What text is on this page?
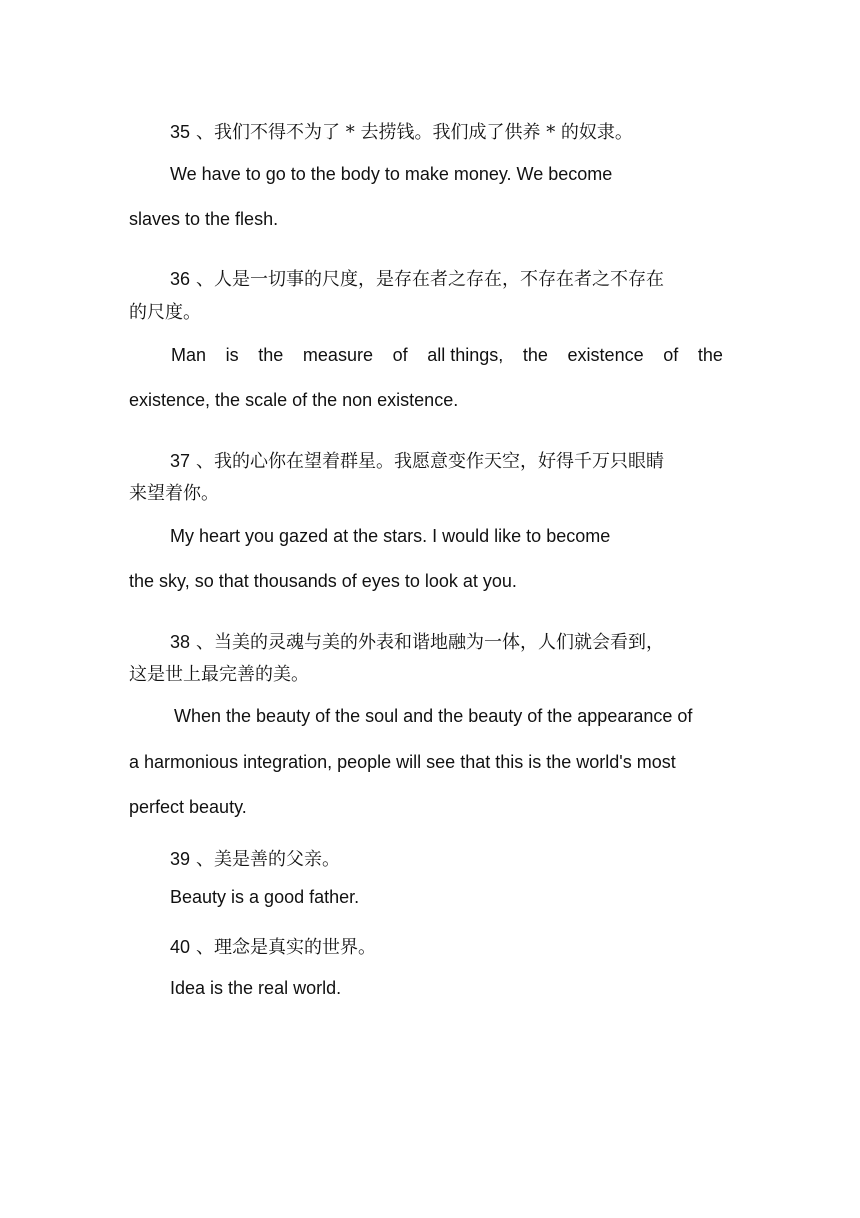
35 、我们不得不为了 * 去捞钱。我们成了供养 * 的奴隶。

We have to go to the body to make money. We become

slaves to the flesh.

36 、人是一切事的尺度，是存在者之存在，不存在者之不存在

的尺度。

Man is the measure of all things, the existence of the

existence, the scale of the non existence.

37 、我的心你在望着群星。我愿意变作天空，好得千万只眼睛

来望着你。

My heart you gazed at the stars. I would like to become

the sky, so that thousands of eyes to look at you.

38 、当美的灵魂与美的外表和谐地融为一体，人们就会看到，

这是世上最完善的美。

When the beauty of the soul and the beauty of the appearance of

a harmonious integration, people will see that this is the world's most

perfect beauty.

39 、美是善的父亲。

Beauty is a good father.

40 、理念是真实的世界。

Idea is the real world.
